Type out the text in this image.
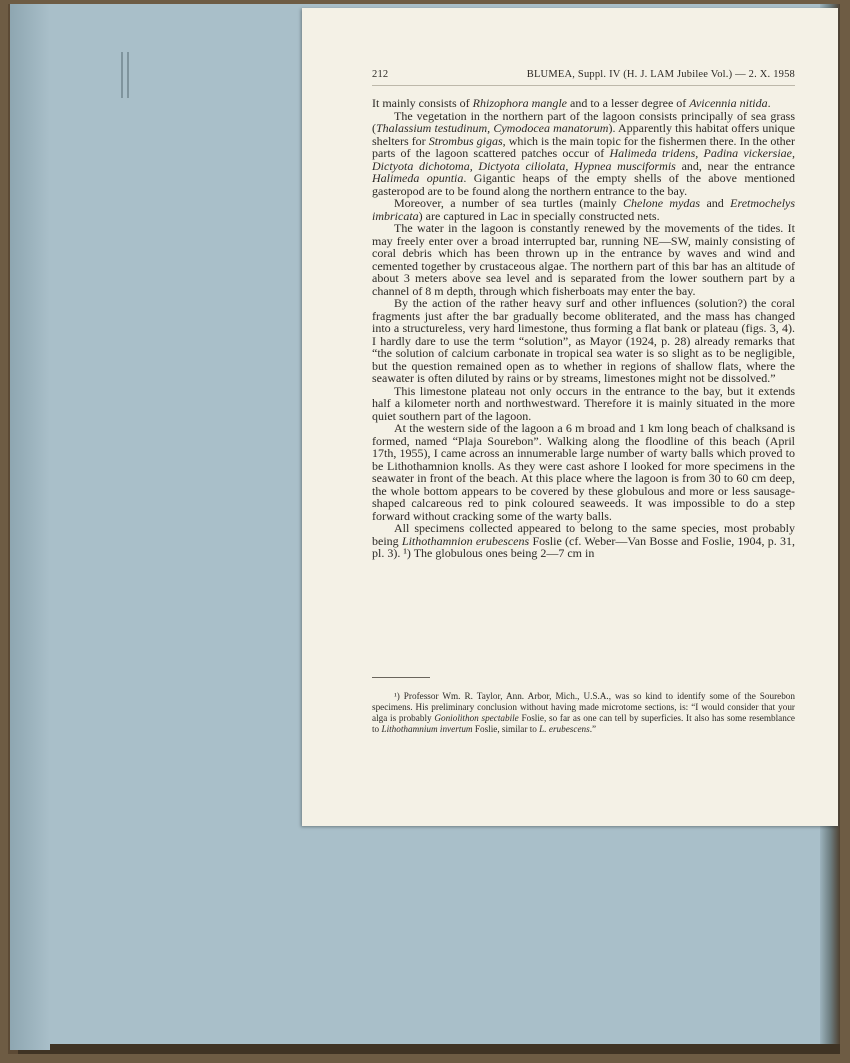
212	BLUMEA, Suppl. IV (H. J. LAM Jubilee Vol.) — 2. X. 1958

It mainly consists of Rhizophora mangle and to a lesser degree of Avicennia nitida.

The vegetation in the northern part of the lagoon consists principally of sea grass (Thalassium testudinum, Cymodocea manatorum). Apparently this habitat offers unique shelters for Strombus gigas, which is the main topic for the fishermen there. In the other parts of the lagoon scattered patches occur of Halimeda tridens, Padina vickersiae, Dictyota dichotoma, Dictyota ciliolata, Hypnea musciformis and, near the entrance Halimeda opuntia. Gigantic heaps of the empty shells of the above mentioned gasteropod are to be found along the northern entrance to the bay.

Moreover, a number of sea turtles (mainly Chelone mydas and Eretmochelys imbricata) are captured in Lac in specially constructed nets.

The water in the lagoon is constantly renewed by the movements of the tides. It may freely enter over a broad interrupted bar, running NE—SW, mainly consisting of coral debris which has been thrown up in the entrance by waves and wind and cemented together by crustaceous algae. The northern part of this bar has an altitude of about 3 meters above sea level and is separated from the lower southern part by a channel of 8 m depth, through which fisherboats may enter the bay.

By the action of the rather heavy surf and other influences (solution?) the coral fragments just after the bar gradually become obliterated, and the mass has changed into a structureless, very hard limestone, thus forming a flat bank or plateau (figs. 3, 4). I hardly dare to use the term “solution”, as Mayor (1924, p. 28) already remarks that “the solution of calcium carbonate in tropical sea water is so slight as to be negligible, but the question remained open as to whether in regions of shallow flats, where the seawater is often diluted by rains or by streams, limestones might not be dissolved.”

This limestone plateau not only occurs in the entrance to the bay, but it extends half a kilometer north and northwestward. Therefore it is mainly situated in the more quiet southern part of the lagoon.

At the western side of the lagoon a 6 m broad and 1 km long beach of chalksand is formed, named “Plaja Sourebon”. Walking along the floodline of this beach (April 17th, 1955), I came across an innumerable large number of warty balls which proved to be Lithothamnion knolls. As they were cast ashore I looked for more specimens in the seawater in front of the beach. At this place where the lagoon is from 30 to 60 cm deep, the whole bottom appears to be covered by these globulous and more or less sausage-shaped calcareous red to pink coloured seaweeds. It was impossible to do a step forward without cracking some of the warty balls.

All specimens collected appeared to belong to the same species, most probably being Lithothamnion erubescens Foslie (cf. Weber—Van Bosse and Foslie, 1904, p. 31, pl. 3). ¹) The globulous ones being 2—7 cm in

¹) Professor Wm. R. Taylor, Ann. Arbor, Mich., U.S.A., was so kind to identify some of the Sourebon specimens. His preliminary conclusion without having made microtome sections, is: “I would consider that your alga is probably Goniolithon spectabile Foslie, so far as one can tell by superficies. It also has some resemblance to Lithothamnium invertum Foslie, similar to L. erubescens.”
